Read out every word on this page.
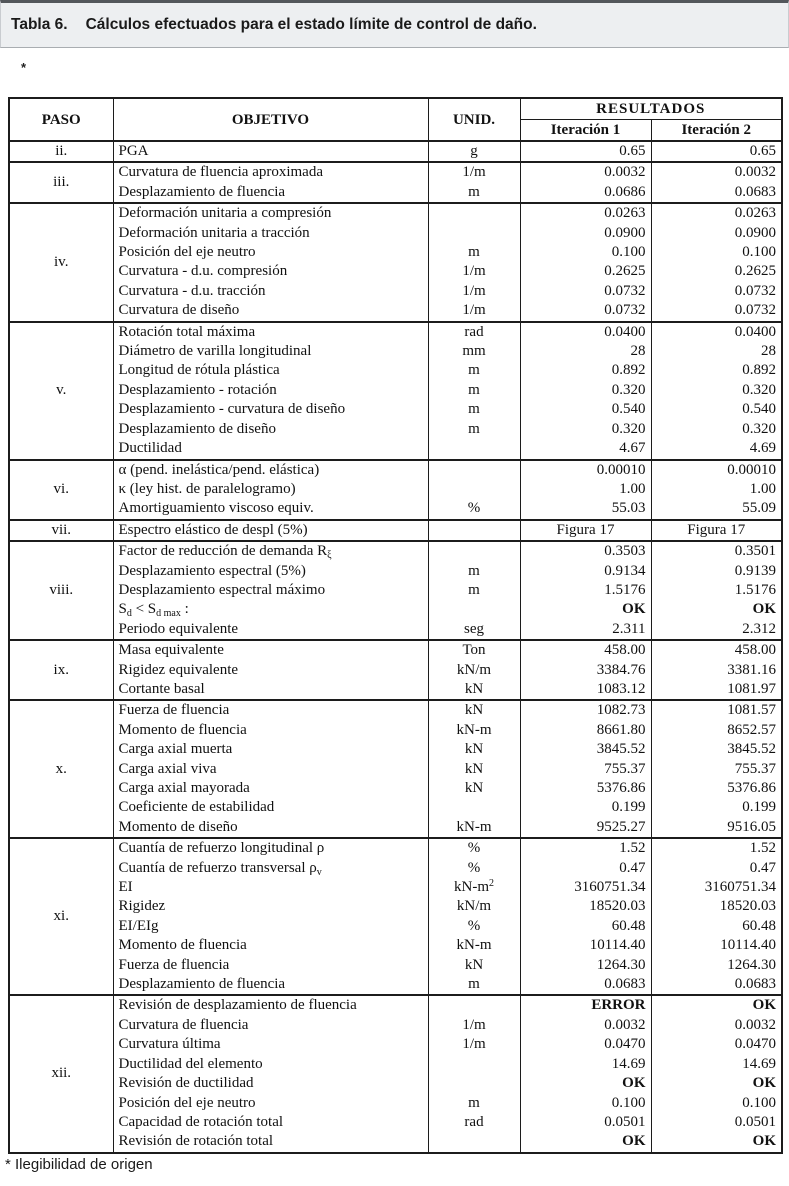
Tabla 6. Cálculos efectuados para el estado límite de control de daño.
*
PASO	OBJETIVO	UNID.	RESULTADOS	
			Iteración 1	Iteración 2
ii.	PGA	g	0.65	0.65
iii.	Curvatura de fluencia aproximada	1/m	0.0032	0.0032
	Desplazamiento de fluencia	m	0.0686	0.0683
iv.	Deformación unitaria a compresión		0.0263	0.0263
	Deformación unitaria a tracción		0.0900	0.0900
	Posición del eje neutro	m	0.100	0.100
	Curvatura - d.u. compresión	1/m	0.2625	0.2625
	Curvatura - d.u. tracción	1/m	0.0732	0.0732
	Curvatura de diseño	1/m	0.0732	0.0732
v.	Rotación total máxima	rad	0.0400	0.0400
	Diámetro de varilla longitudinal	mm	28	28
	Longitud de rótula plástica	m	0.892	0.892
	Desplazamiento - rotación	m	0.320	0.320
	Desplazamiento - curvatura de diseño	m	0.540	0.540
	Desplazamiento de diseño	m	0.320	0.320
	Ductilidad		4.67	4.69
vi.	α (pend. inelástica/pend. elástica)		0.00010	0.00010
	κ (ley hist. de paralelogramo)		1.00	1.00
	Amortiguamiento viscoso equiv.	%	55.03	55.09
vii.	Espectro elástico de despl (5%)		Figura 17	Figura 17
viii.	Factor de reducción de demanda $R_\xi$		0.3503	0.3501
	Desplazamiento espectral (5%)	m	0.9134	0.9139
	Desplazamiento espectral máximo	m	1.5176	1.5176
	$S_d < S_{d max}$ :		OK	OK
	Periodo equivalente	seg	2.311	2.312
ix.	Masa equivalente	Ton	458.00	458.00
	Rigidez equivalente	kN/m	3384.76	3381.16
	Cortante basal	kN	1083.12	1081.97
x.	Fuerza de fluencia	kN	1082.73	1081.57
	Momento de fluencia	kN-m	8661.80	8652.57
	Carga axial muerta	kN	3845.52	3845.52
	Carga axial viva	kN	755.37	755.37
	Carga axial mayorada	kN	5376.86	5376.86
	Coeficiente de estabilidad		0.199	0.199
	Momento de diseño	kN-m	9525.27	9516.05
xi.	Cuantía de refuerzo longitudinal ρ	%	1.52	1.52
	Cuantía de refuerzo transversal $\rho_v$	%	0.47	0.47
	EI	$kN-m^2$	3160751.34	3160751.34
	Rigidez	kN/m	18520.03	18520.03
	EI/EIg	%	60.48	60.48
	Momento de fluencia	kN-m	10114.40	10114.40
	Fuerza de fluencia	kN	1264.30	1264.30
	Desplazamiento de fluencia	m	0.0683	0.0683
xii.	Revisión de desplazamiento de fluencia		ERROR	OK
	Curvatura de fluencia	1/m	0.0032	0.0032
	Curvatura última	1/m	0.0470	0.0470
	Ductilidad del elemento		14.69	14.69
	Revisión de ductilidad		OK	OK
	Posición del eje neutro	m	0.100	0.100
	Capacidad de rotación total	rad	0.0501	0.0501
	Revisión de rotación total		OK	OK
* Ilegibilidad de origen
